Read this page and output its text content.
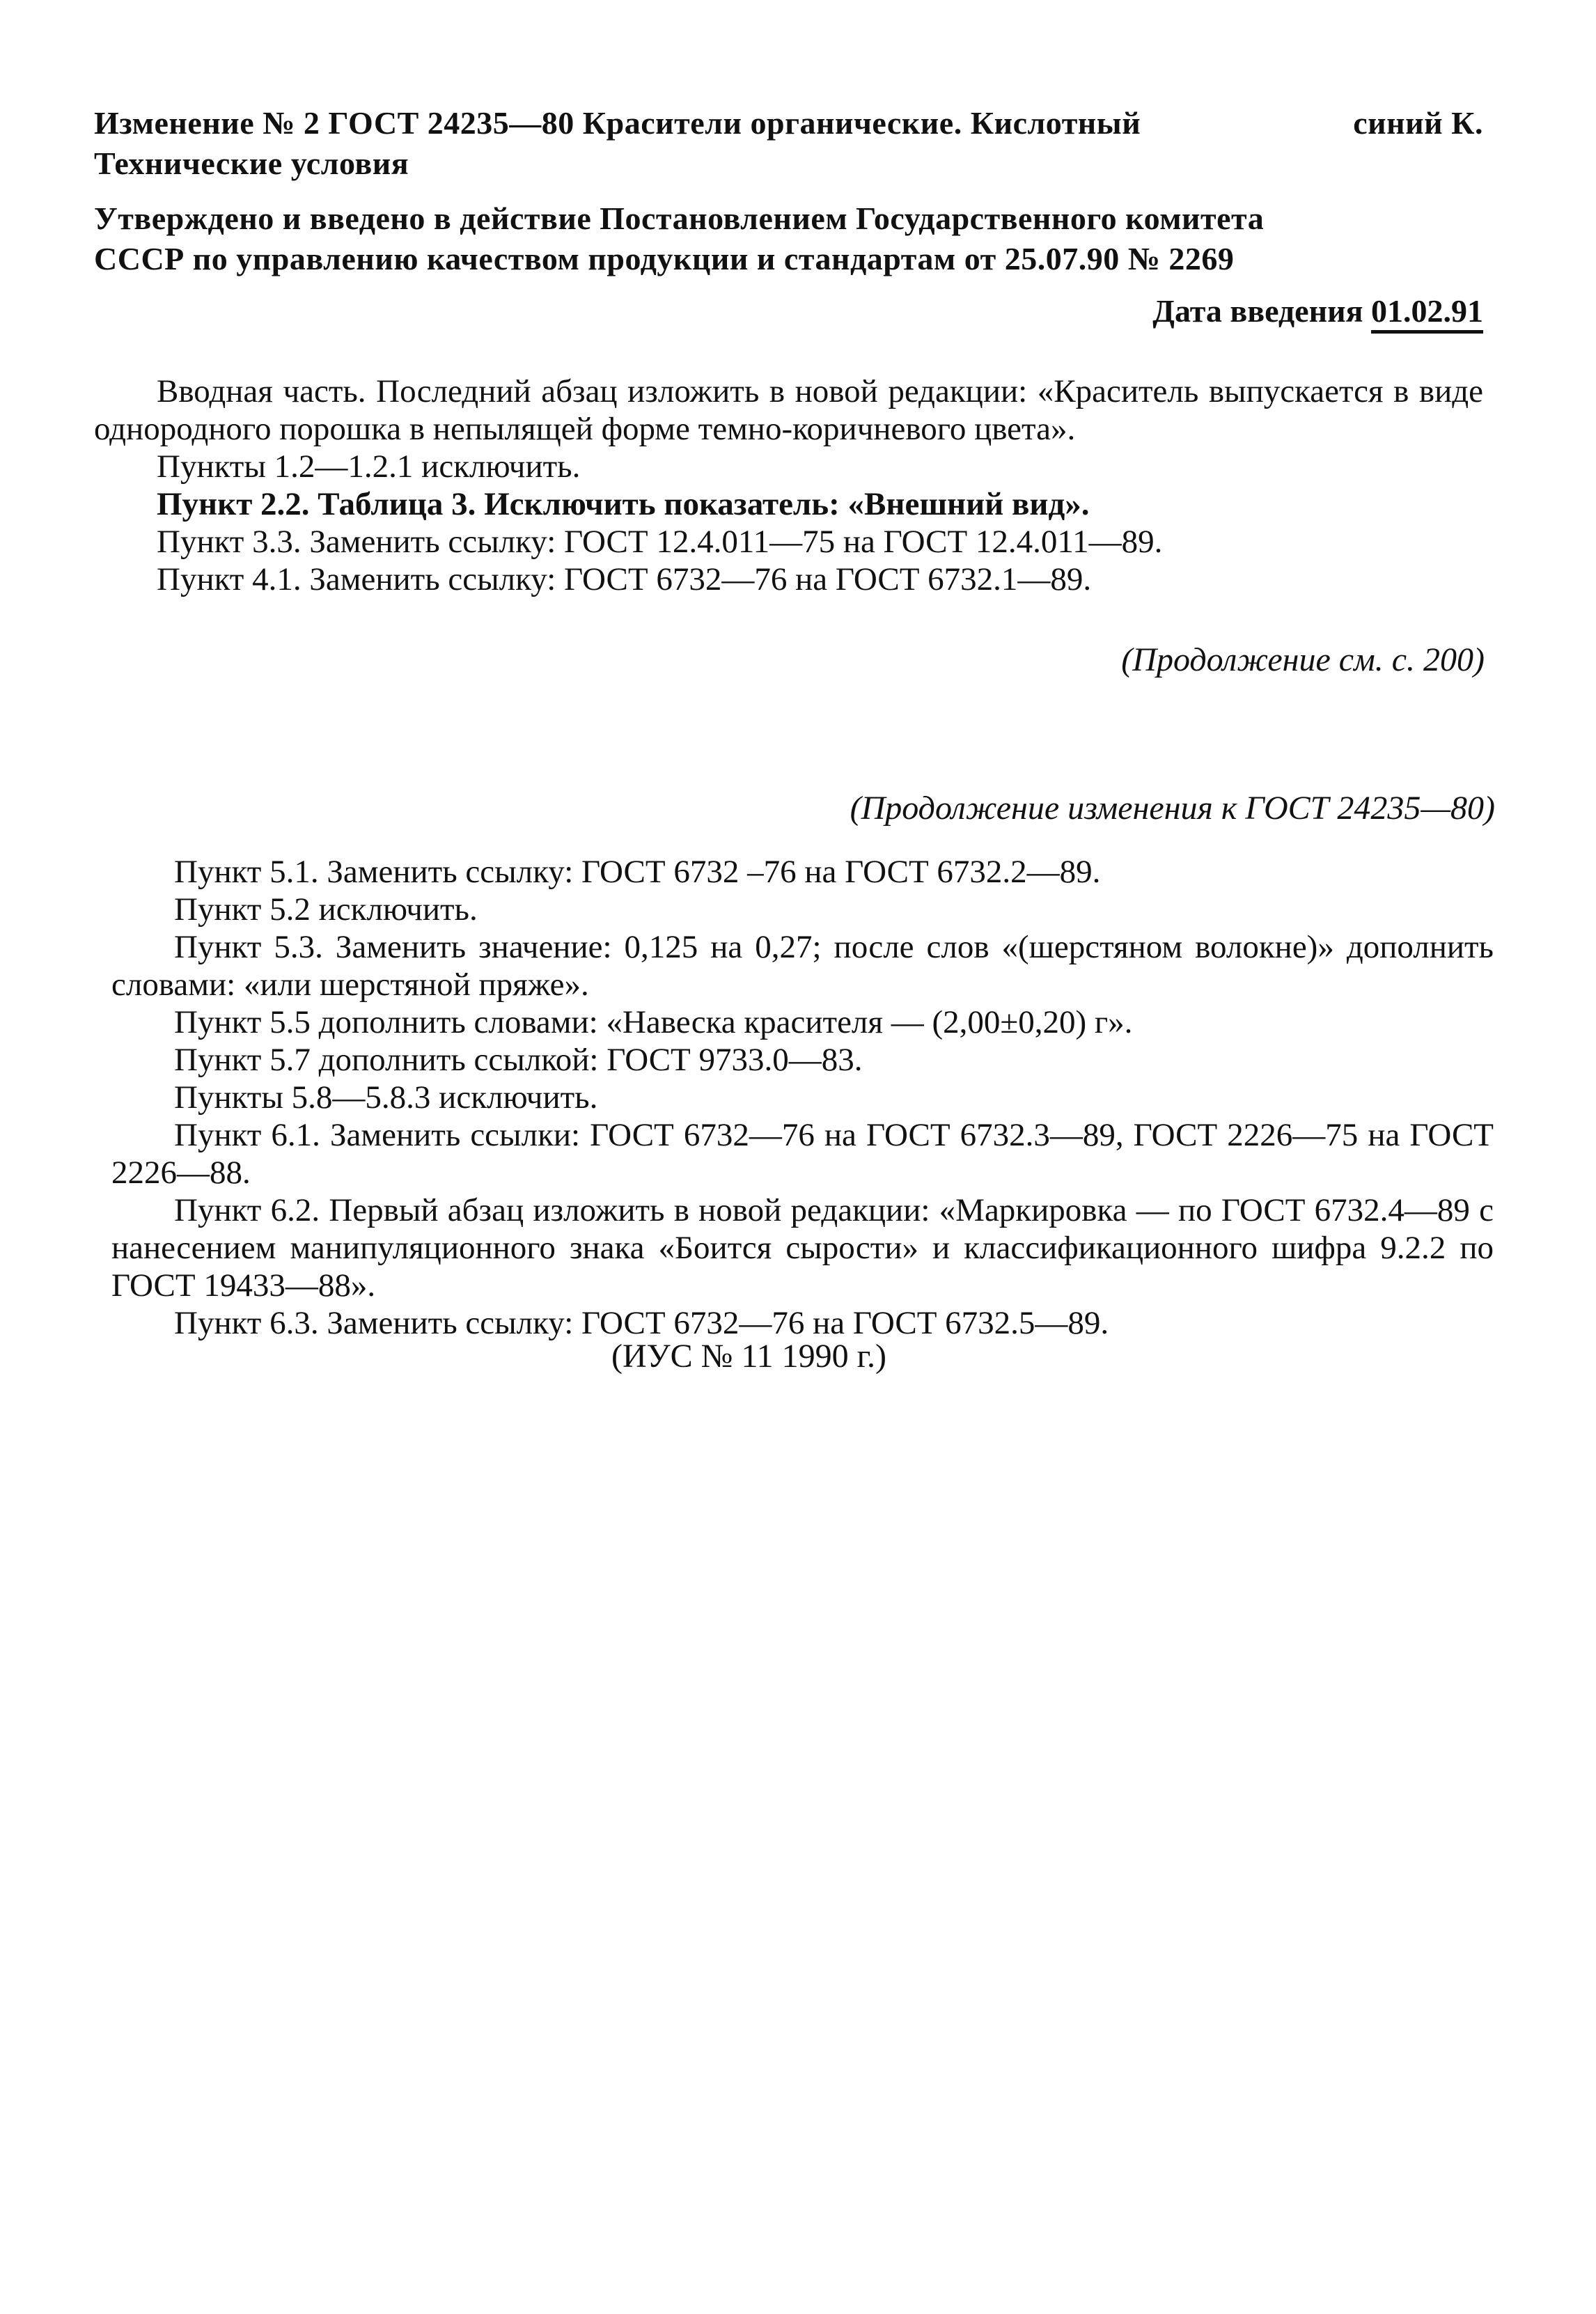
Изменение № 2 ГОСТ 24235—80 Красители органические. Кислотный	синий К.
Технические условия
Утверждено и введено в действие Постановлением Государственного комитета
СССР по управлению качеством продукции и стандартам от 25.07.90 № 2269
Дата введения 01.02.91

Вводная часть. Последний абзац изложить в новой редакции: «Краситель выпускается в виде однородного порошка в непылящей форме темно-коричневого цвета».

Пункты 1.2—1.2.1 исключить.

Пункт 2.2. Таблица 3. Исключить показатель: «Внешний вид».

Пункт 3.3. Заменить ссылку: ГОСТ 12.4.011—75 на ГОСТ 12.4.011—89.

Пункт 4.1. Заменить ссылку: ГОСТ 6732—76 на ГОСТ 6732.1—89.

(Продолжение см. с. 200)
(Продолжение изменения к ГОСТ 24235—80)

Пункт 5.1. Заменить ссылку: ГОСТ 6732 –76 на ГОСТ 6732.2—89.

Пункт 5.2 исключить.

Пункт 5.3. Заменить значение: 0,125 на 0,27; после слов «(шерстяном волокне)» дополнить словами: «или шерстяной пряже».

Пункт 5.5 дополнить словами: «Навеска красителя — (2,00±0,20) г».

Пункт 5.7 дополнить ссылкой: ГОСТ 9733.0—83.

Пункты 5.8—5.8.3 исключить.

Пункт 6.1. Заменить ссылки: ГОСТ 6732—76 на ГОСТ 6732.3—89, ГОСТ 2226—75 на ГОСТ 2226—88.

Пункт 6.2. Первый абзац изложить в новой редакции: «Маркировка — по ГОСТ 6732.4—89 с нанесением манипуляционного знака «Боится сырости» и классификационного шифра 9.2.2 по ГОСТ 19433—88».

Пункт 6.3. Заменить ссылку: ГОСТ 6732—76 на ГОСТ 6732.5—89.

(ИУС № 11 1990 г.)
